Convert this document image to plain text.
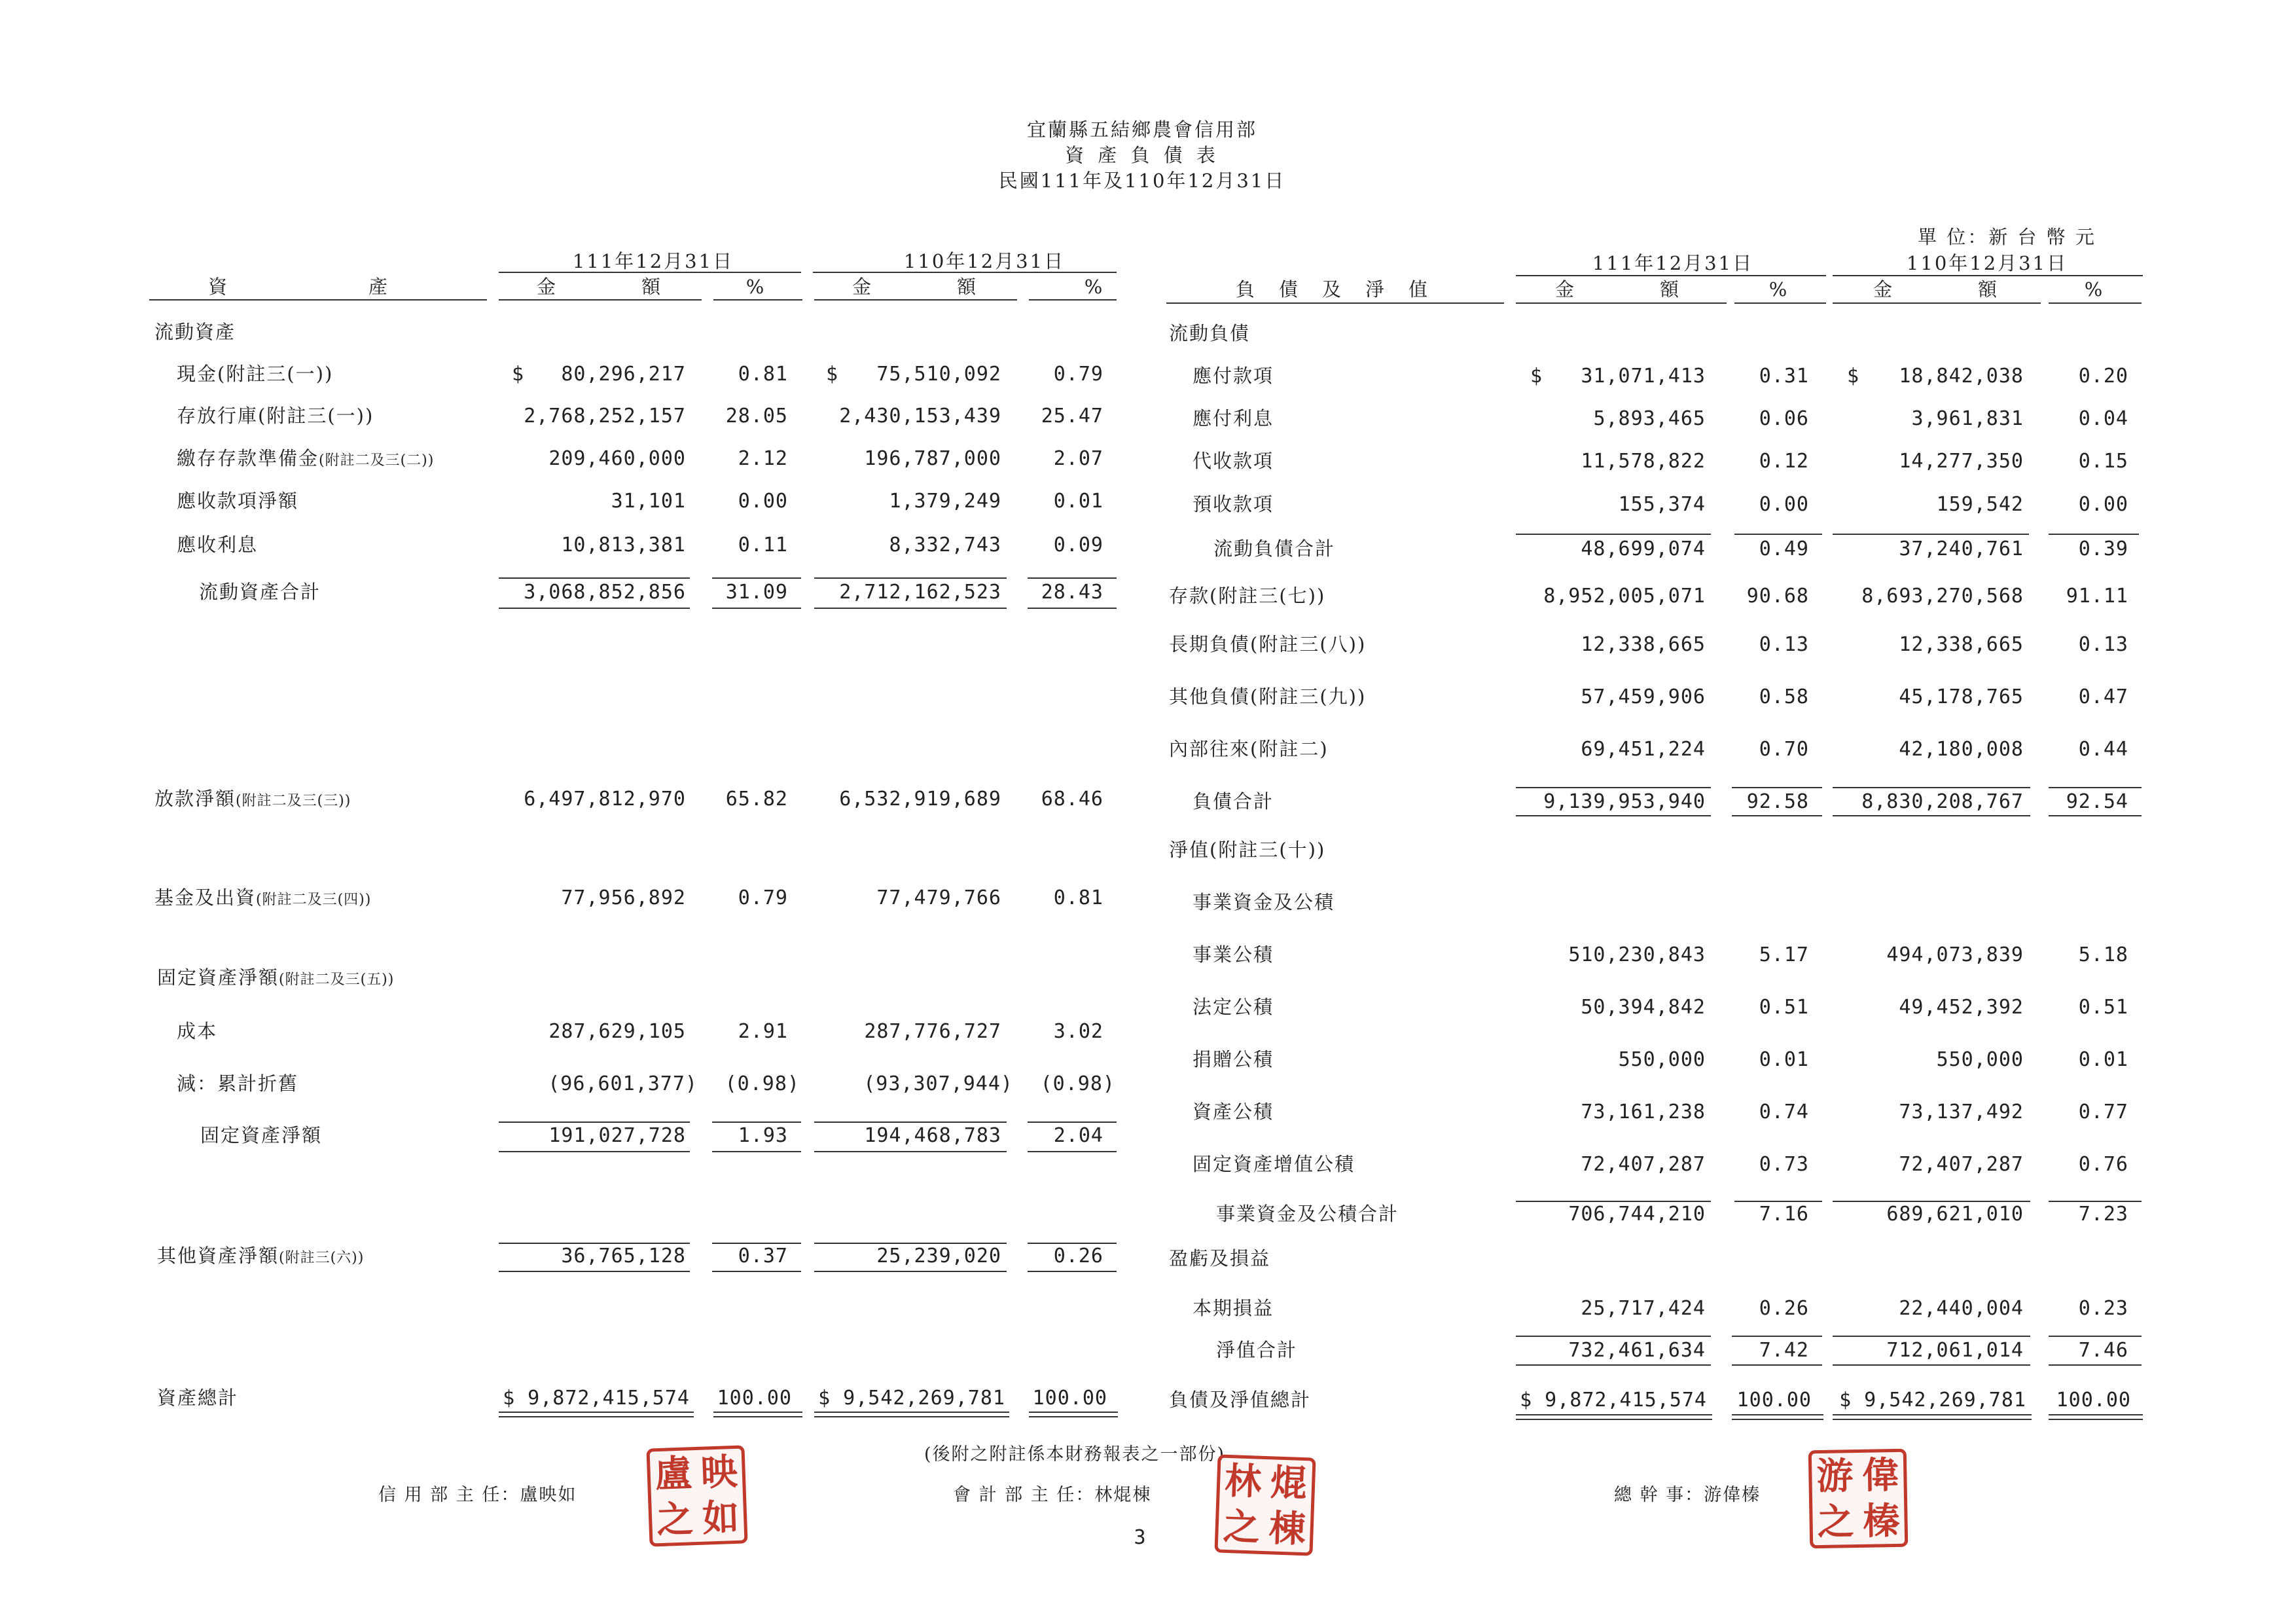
宜蘭縣五結鄉農會信用部
資 產 負 債 表
民國111年及110年12月31日
單 位：新 台 幣 元
111年12月31日	110年12月31日
資　　　　　　產	金　　　　額	%	金　　　　額	%
111年12月31日	110年12月31日
負　債　及　淨　值	金　　　　額	%	金　　　　額	%
流動資產
現金(附註三(一))	$ 80,296,217	0.81 $ 75,510,092	0.79
存放行庫(附註三(一))	2,768,252,157 28.05	2,430,153,439 25.47
繳存存款準備金(附註二及三(二))	209,460,000	2.12	196,787,000	2.07
應收款項淨額	31,101	0.00	1,379,249	0.01
應收利息	10,813,381	0.11	8,332,743	0.09
流動資產合計	3,068,852,856 31.09	2,712,162,523 28.43
放款淨額(附註二及三(三))	6,497,812,970 65.82	6,532,919,689 68.46
基金及出資(附註二及三(四))	77,956,892	0.79	77,479,766	0.81
固定資產淨額(附註二及三(五))
成本	287,629,105	2.91	287,776,727	3.02
減：累計折舊	(96,601,377) (0.98)	(93,307,944) (0.98)
固定資產淨額	191,027,728	1.93	194,468,783	2.04
其他資產淨額(附註三(六))	36,765,128	0.37	25,239,020	0.26
資產總計	$ 9,872,415,574 100.00 $ 9,542,269,781 100.00
流動負債
應付款項	$ 31,071,413	0.31 $ 18,842,038	0.20
應付利息	5,893,465	0.06	3,961,831	0.04
代收款項	11,578,822	0.12	14,277,350	0.15
預收款項	155,374	0.00	159,542	0.00
流動負債合計	48,699,074	0.49	37,240,761	0.39
存款(附註三(七))	8,952,005,071 90.68	8,693,270,568 91.11
長期負債(附註三(八))	12,338,665	0.13	12,338,665	0.13
其他負債(附註三(九))	57,459,906	0.58	45,178,765	0.47
內部往來(附註二)	69,451,224	0.70	42,180,008	0.44
負債合計	9,139,953,940 92.58	8,830,208,767 92.54
淨值(附註三(十))
事業資金及公積
事業公積	510,230,843	5.17	494,073,839	5.18
法定公積	50,394,842	0.51	49,452,392	0.51
捐贈公積	550,000	0.01	550,000	0.01
資產公積	73,161,238	0.74	73,137,492	0.77
固定資產增值公積	72,407,287	0.73	72,407,287	0.76
事業資金及公積合計	706,744,210	7.16	689,621,010	7.23
盈虧及損益
本期損益	25,717,424	0.26	22,440,004	0.23
淨值合計	732,461,634	7.42	712,061,014	7.46
負債及淨值總計	$ 9,872,415,574 100.00 $ 9,542,269,781 100.00
(後附之附註係本財務報表之一部份)
信 用 部 主 任：盧映如	會 計 部 主 任：林焜棟	總 幹 事：游偉榛
3
盧 映
之 如
林 焜
之 棟
游 偉
之 榛
